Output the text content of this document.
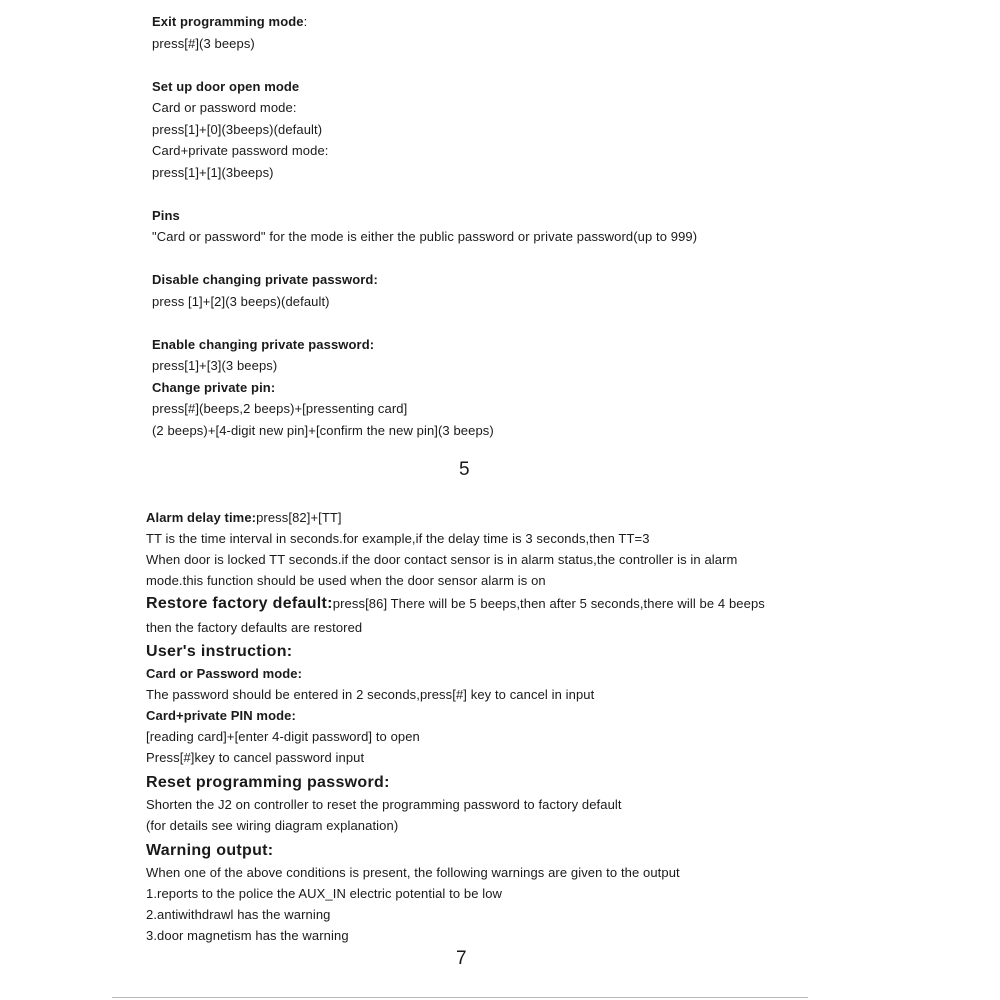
Exit programming mode:
press[#](3 beeps)
Set up door open mode
Card or password mode:
press[1]+[0](3beeps)(default)
Card+private password mode:
press[1]+[1](3beeps)
Pins
"Card or password" for the mode is either the public password or private password(up to 999)
Disable changing private password:
press [1]+[2](3 beeps)(default)
Enable changing private password:
press[1]+[3](3 beeps)
Change private pin:
press[#](beeps,2 beeps)+[pressenting card]
(2 beeps)+[4-digit new pin]+[confirm the new pin](3 beeps)
5
Alarm delay time:press[82]+[TT]
TT is the time interval in seconds.for example,if the delay time is 3 seconds,then TT=3
When door is locked TT seconds.if the door contact sensor is in alarm status,the controller is in alarm
mode.this function should be used when the door sensor alarm is on
Restore factory default:press[86] There will be 5 beeps,then after 5 seconds,there will be 4 beeps
then the factory defaults are restored
User's instruction:
Card or Password mode:
The password should be entered in 2 seconds,press[#] key to cancel in input
Card+private PIN mode:
[reading card]+[enter 4-digit password] to open
Press[#]key to cancel password input
Reset programming password:
Shorten the J2 on controller to reset the programming password to factory default
(for details see wiring diagram explanation)
Warning output:
When one of the above conditions is present, the following warnings are given to the output
1.reports to the police the AUX_IN electric potential to be low
2.antiwithdrawl has the warning
3.door magnetism has the warning
7
